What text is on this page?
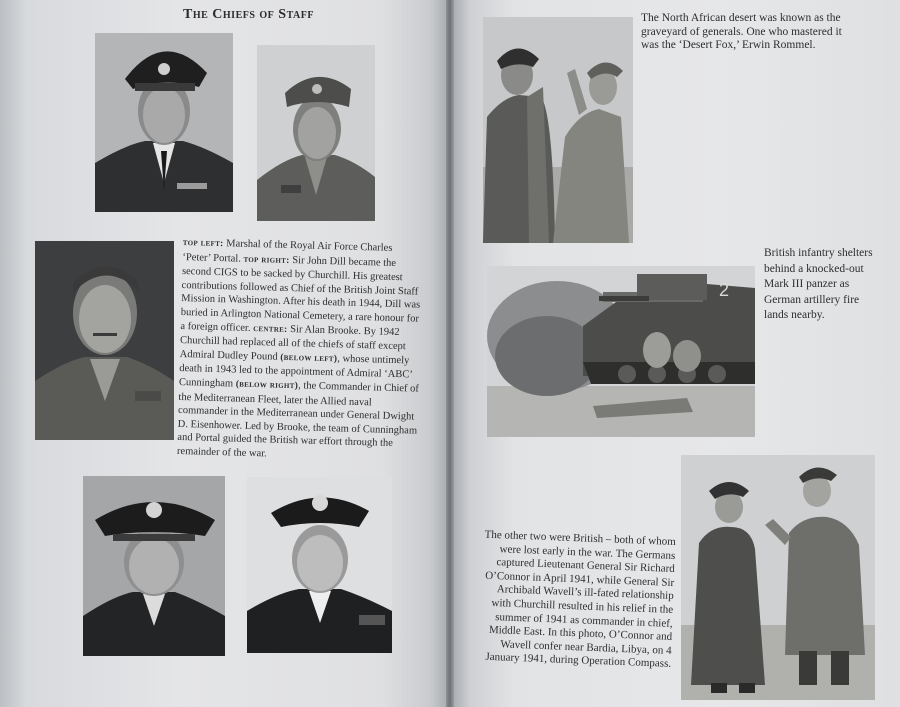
The Chiefs of Staff
2

top left: Marshal of the Royal Air Force Charles ‘Peter’ Portal. top right: Sir John Dill became the second CIGS to be sacked by Churchill. His greatest contributions followed as Chief of the British Joint Staff Mission in Washington. After his death in 1944, Dill was buried in Arlington National Cemetery, a rare honour for a foreign officer. centre: Sir Alan Brooke. By 1942 Churchill had replaced all of the chiefs of staff except Admiral Dudley Pound (below left), whose untimely death in 1943 led to the appointment of Admiral ‘ABC’ Cunningham (below right), the Commander in Chief of the Mediterranean Fleet, later the Allied naval commander in the Mediterranean under General Dwight D. Eisenhower. Led by Brooke, the team of Cunningham and Portal guided the British war effort through the remainder of the war.

The North African desert was known as the graveyard of generals. One who mastered it was the ‘Desert Fox,’ Erwin Rommel.

British infantry shelters behind a knocked-out Mark III panzer as German artillery fire lands nearby.

The other two were British – both of whom were lost early in the war. The Germans captured Lieutenant General Sir Richard O’Connor in April 1941, while General Sir Archibald Wavell’s ill-fated relationship with Churchill resulted in his relief in the summer of 1941 as commander in chief, Middle East. In this photo, O’Connor and Wavell confer near Bardia, Libya, on 4 January 1941, during Operation Compass.
